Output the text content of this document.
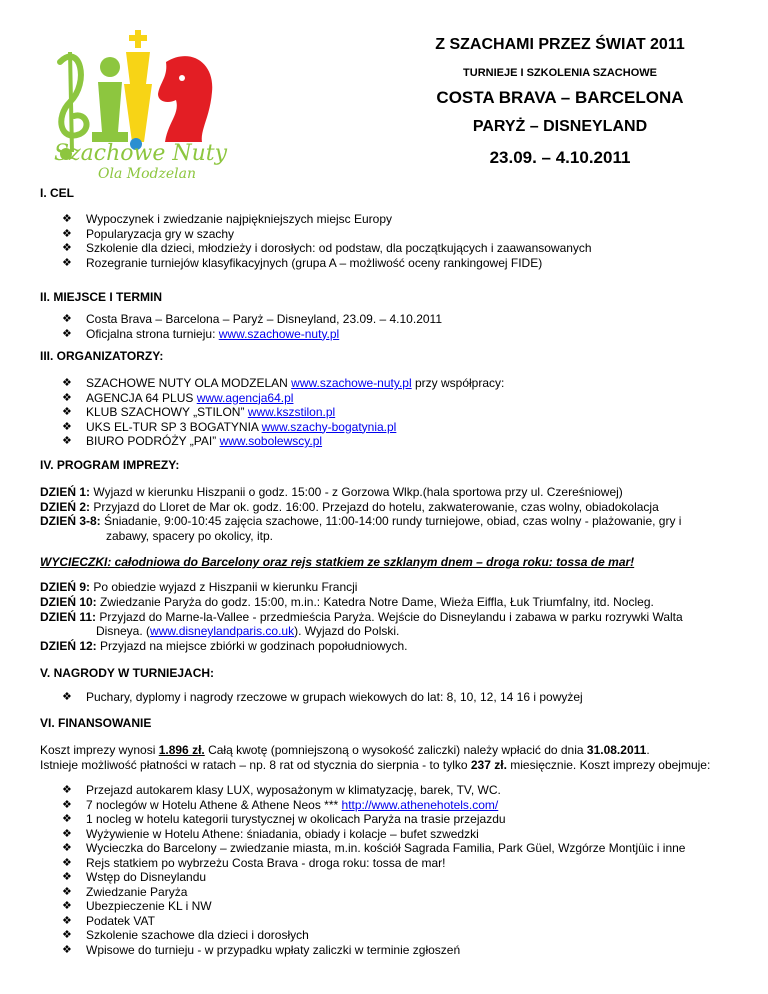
Szachowe Nuty
Ola Modzelan
Z SZACHAMI PRZEZ ŚWIAT 2011
TURNIEJE I SZKOLENIA SZACHOWE
COSTA BRAVA – BARCELONA
PARYŻ – DISNEYLAND
23.09. – 4.10.2011
I. CEL
❖ Wypoczynek i zwiedzanie najpiękniejszych miejsc Europy
❖ Popularyzacja gry w szachy
❖ Szkolenie dla dzieci, młodzieży i dorosłych: od podstaw, dla początkujących i zaawansowanych
❖ Rozegranie turniejów klasyfikacyjnych (grupa A – możliwość oceny rankingowej FIDE)
II. MIEJSCE I TERMIN
❖ Costa Brava – Barcelona – Paryż – Disneyland, 23.09. – 4.10.2011
❖ Oficjalna strona turnieju: www.szachowe-nuty.pl
III. ORGANIZATORZY:
❖ SZACHOWE NUTY OLA MODZELAN www.szachowe-nuty.pl przy współpracy:
❖ AGENCJA 64 PLUS www.agencja64.pl
❖ KLUB SZACHOWY „STILON” www.kszstilon.pl
❖ UKS EL-TUR SP 3 BOGATYNIA www.szachy-bogatynia.pl
❖ BIURO PODRÓŻY „PAI” www.sobolewscy.pl
IV. PROGRAM IMPREZY:
DZIEŃ 1: Wyjazd w kierunku Hiszpanii o godz. 15:00 - z Gorzowa Wlkp.(hala sportowa przy ul. Czereśniowej)
DZIEŃ 2: Przyjazd do Lloret de Mar ok. godz. 16:00. Przejazd do hotelu, zakwaterowanie, czas wolny, obiadokolacja
DZIEŃ 3-8: Śniadanie, 9:00-10:45 zajęcia szachowe, 11:00-14:00 rundy turniejowe, obiad, czas wolny - plażowanie, gry i
zabawy, spacery po okolicy, itp.
WYCIECZKI: całodniowa do Barcelony oraz rejs statkiem ze szklanym dnem – droga roku: tossa de mar!
DZIEŃ 9: Po obiedzie wyjazd z Hiszpanii w kierunku Francji
DZIEŃ 10: Zwiedzanie Paryża do godz. 15:00, m.in.: Katedra Notre Dame, Wieża Eiffla, Łuk Triumfalny, itd. Nocleg.
DZIEŃ 11: Przyjazd do Marne-la-Vallee - przedmieścia Paryża. Wejście do Disneylandu i zabawa w parku rozrywki Walta
Disneya. (www.disneylandparis.co.uk). Wyjazd do Polski.
DZIEŃ 12: Przyjazd na miejsce zbiórki w godzinach popołudniowych.
V. NAGRODY W TURNIEJACH:
❖ Puchary, dyplomy i nagrody rzeczowe w grupach wiekowych do lat: 8, 10, 12, 14 16 i powyżej
VI. FINANSOWANIE
Koszt imprezy wynosi 1.896 zł. Całą kwotę (pomniejszoną o wysokość zaliczki) należy wpłacić do dnia 31.08.2011.
Istnieje możliwość płatności w ratach – np. 8 rat od stycznia do sierpnia - to tylko 237 zł. miesięcznie. Koszt imprezy obejmuje:
❖ Przejazd autokarem klasy LUX, wyposażonym w klimatyzację, barek, TV, WC.
❖ 7 noclegów w Hotelu Athene & Athene Neos *** http://www.athenehotels.com/
❖ 1 nocleg w hotelu kategorii turystycznej w okolicach Paryża na trasie przejazdu
❖ Wyżywienie w Hotelu Athene: śniadania, obiady i kolacje – bufet szwedzki
❖ Wycieczka do Barcelony – zwiedzanie miasta, m.in. kościół Sagrada Familia, Park Güel, Wzgórze Montjüic i inne
❖ Rejs statkiem po wybrzeżu Costa Brava - droga roku: tossa de mar!
❖ Wstęp do Disneylandu
❖ Zwiedzanie Paryża
❖ Ubezpieczenie KL i NW
❖ Podatek VAT
❖ Szkolenie szachowe dla dzieci i dorosłych
❖ Wpisowe do turnieju - w przypadku wpłaty zaliczki w terminie zgłoszeń
